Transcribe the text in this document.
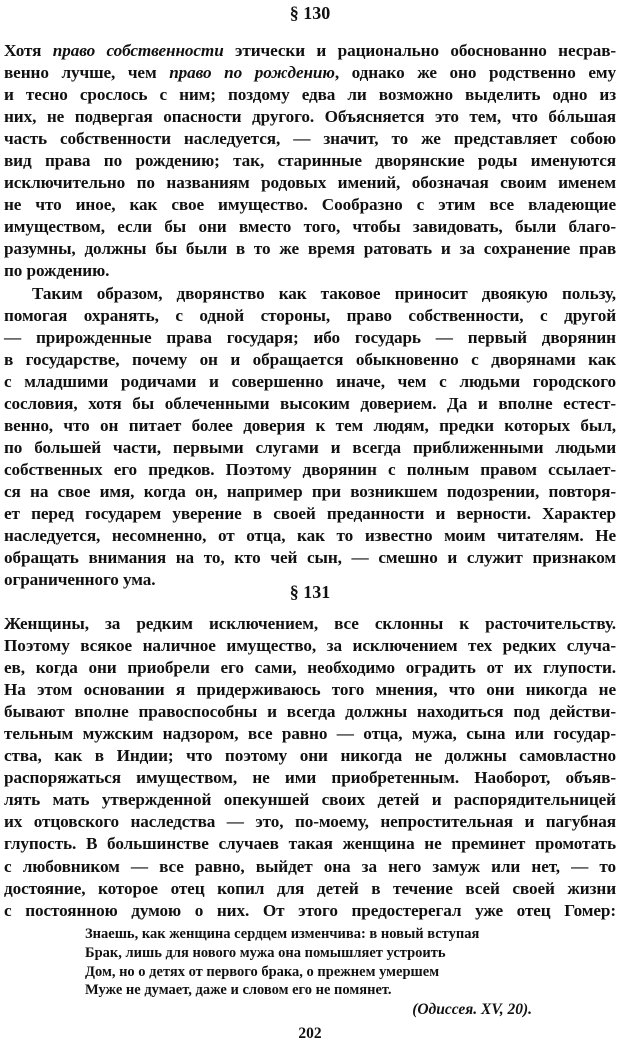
§ 130
Хотя право собственности этически и рационально обоснованно несрав-
венно лучше, чем право по рождению, однако же оно родственно ему
и тесно срослось с ним; поздому едва ли возможно выделить одно из
них, не подвергая опасности другого. Объясняется это тем, что бóльшая
часть собственности наследуется, — значит, то же представляет собою
вид права по рождению; так, старинные дворянские роды именуются
исключительно по названиям родовых имений, обозначая своим именем
не что иное, как свое имущество. Сообразно с этим все владеющие
имуществом, если бы они вместо того, чтобы завидовать, были благо-
разумны, должны бы были в то же время ратовать и за сохранение прав
по рождению.
Таким образом, дворянство как таковое приносит двоякую пользу,
помогая охранять, с одной стороны, право собственности, с другой
— прирожденные права государя; ибо государь — первый дворянин
в государстве, почему он и обращается обыкновенно с дворянами как
с младшими родичами и совершенно иначе, чем с людьми городского
сословия, хотя бы облеченными высоким доверием. Да и вполне естест-
венно, что он питает более доверия к тем людям, предки которых был,
по большей части, первыми слугами и всегда приближенными людьми
собственных его предков. Поэтому дворянин с полным правом ссылает-
ся на свое имя, когда он, например при возникшем подозрении, повторя-
ет перед государем уверение в своей преданности и верности. Характер
наследуется, несомненно, от отца, как то известно моим читателям. Не
обращать внимания на то, кто чей сын, — смешно и служит признаком
ограниченного ума.
§ 131
Женщины, за редким исключением, все склонны к расточительству.
Поэтому всякое наличное имущество, за исключением тех редких случа-
ев, когда они приобрели его сами, необходимо оградить от их глупости.
На этом основании я придерживаюсь того мнения, что они никогда не
бывают вполне правоспособны и всегда должны находиться под действи-
тельным мужским надзором, все равно — отца, мужа, сына или государ-
ства, как в Индии; что поэтому они никогда не должны самовластно
распоряжаться имуществом, не ими приобретенным. Наоборот, объяв-
лять мать утвержденной опекуншей своих детей и распорядительницей
их отцовского наследства — это, по-моему, непростительная и пагубная
глупость. В большинстве случаев такая женщина не преминет промотать
с любовником — все равно, выйдет она за него замуж или нет, — то
достояние, которое отец копил для детей в течение всей своей жизни
с постоянною думою о них. От этого предостерегал уже отец Гомер:
Знаешь, как женщина сердцем изменчива: в новый вступая
Брак, лишь для нового мужа она помышляет устроить
Дом, но о детях от первого брака, о прежнем умершем
Муже не думает, даже и словом его не помянет.
(Одиссея. XV, 20).
202
